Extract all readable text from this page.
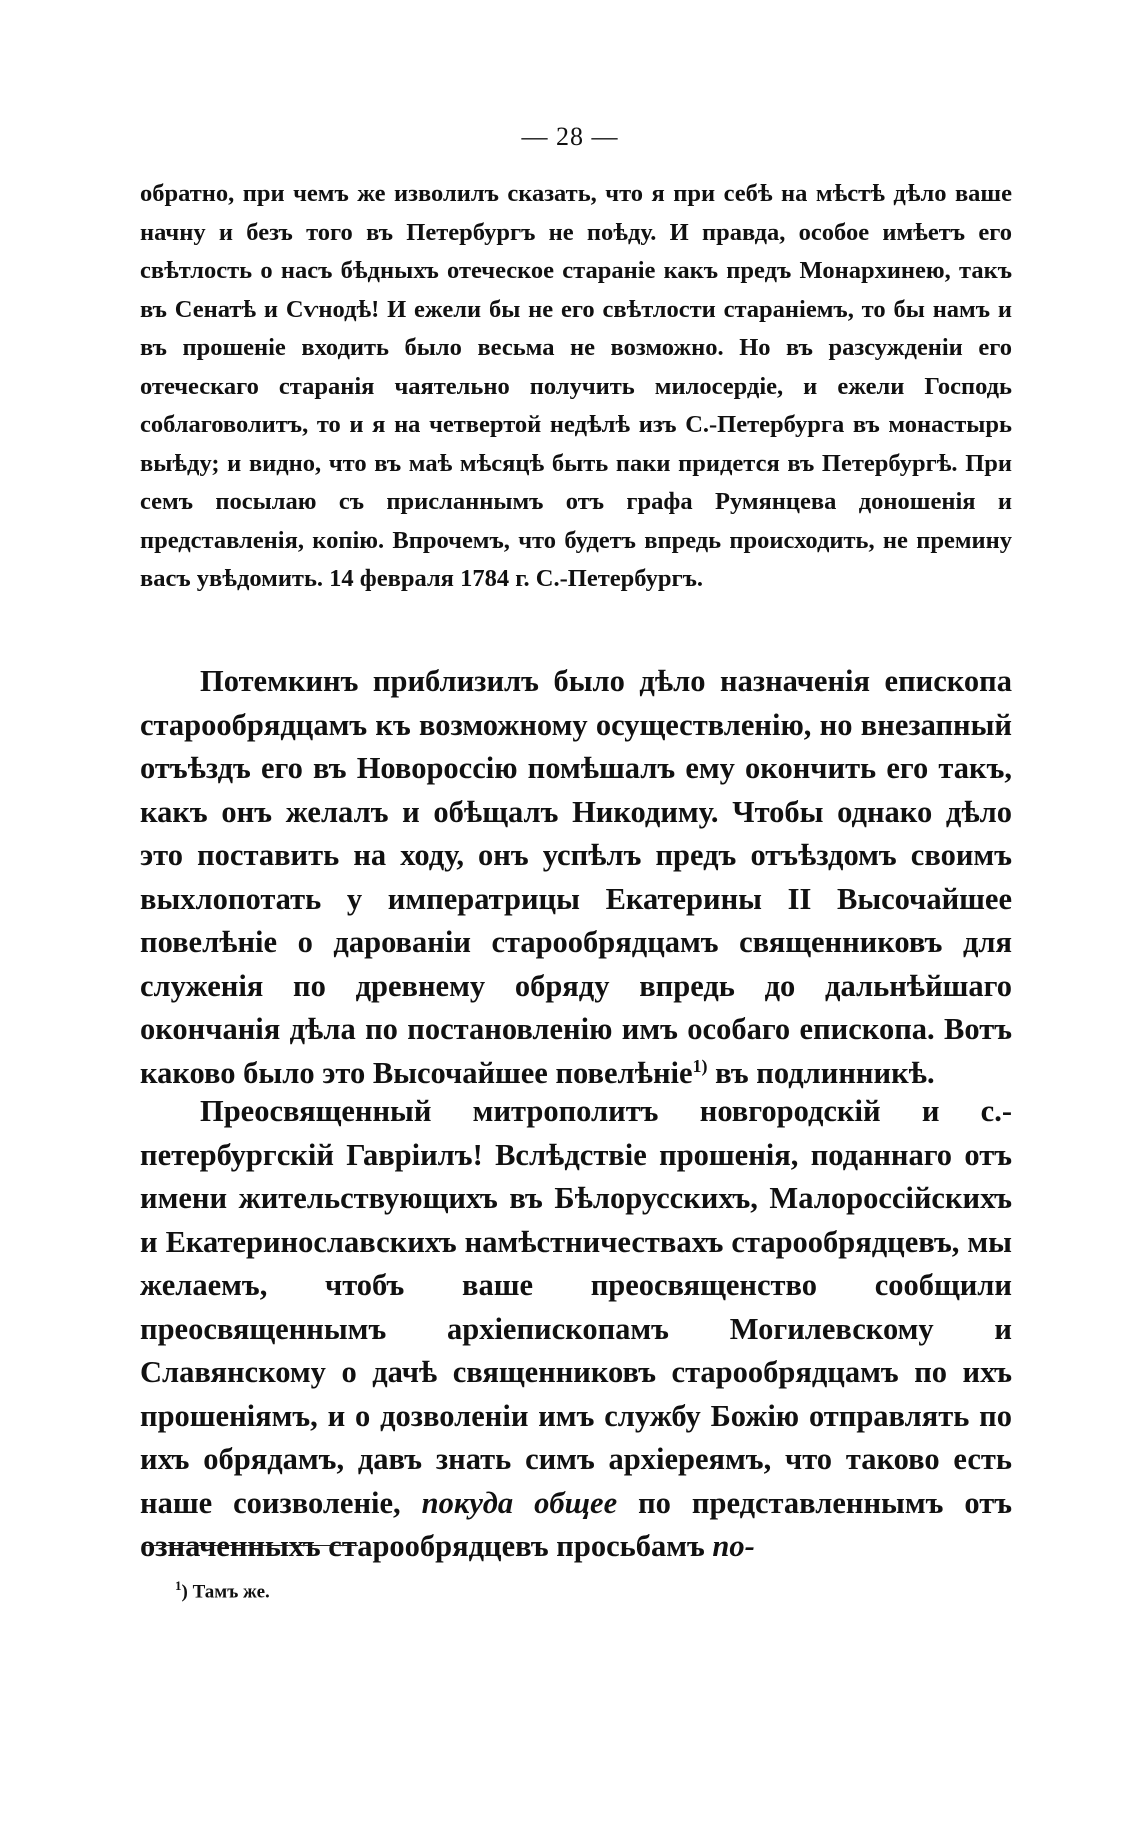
— 28 —

обратно, при чемъ же изволилъ сказать, что я при себѣ на мѣстѣ дѣло ваше начну и безъ того въ Петербургъ не поѣду. И правда, особое имѣетъ его свѣтлость о насъ бѣдныхъ отеческое стараніе какъ предъ Монархинею, такъ въ Сенатѣ и Сѵнодѣ! И ежели бы не его свѣтлости стараніемъ, то бы намъ и въ прошеніе входить было весьма не возможно. Но въ разсужденіи его отеческаго старанія чаятельно получить милосердіе, и ежели Господь соблаговолитъ, то и я на четвертой недѣлѣ изъ С.-Петербурга въ монастырь выѣду; и видно, что въ маѣ мѣсяцѣ быть паки придется въ Петербургѣ. При семъ посылаю съ присланнымъ отъ графа Румянцева доношенія и представленія, копію. Впрочемъ, что будетъ впредь происходить, не премину васъ увѣдомить. 14 февраля 1784 г. С.-Петербургъ.

Потемкинъ приблизилъ было дѣло назначенія епископа старообрядцамъ къ возможному осуществленію, но внезапный отъѣздъ его въ Новороссію помѣшалъ ему окончить его такъ, какъ онъ желалъ и обѣщалъ Никодиму. Чтобы однако дѣло это поставить на ходу, онъ успѣлъ предъ отъѣздомъ своимъ выхлопотать у императрицы Екатерины II Высочайшее повелѣніе о дарованіи старообрядцамъ священниковъ для служенія по древнему обряду впредь до дальнѣйшаго окончанія дѣла по постановленію имъ особаго епископа. Вотъ каково было это Высочайшее повелѣніе$^{1)}$ въ подлинникѣ.

Преосвященный митрополитъ новгородскій и с.-петербургскій Гавріилъ! Вслѣдствіе прошенія, поданнаго отъ имени жительствующихъ въ Бѣлорусскихъ, Малороссійскихъ и Екатеринославскихъ намѣстничествахъ старообрядцевъ, мы желаемъ, чтобъ ваше преосвященство сообщили преосвященнымъ архіепископамъ Могилевскому и Славянскому о дачѣ священниковъ старообрядцамъ по ихъ прошеніямъ, и о дозволеніи имъ службу Божію отправлять по ихъ обрядамъ, давъ знать симъ архіереямъ, что таково есть наше соизволеніе, покуда общее по представленнымъ отъ означенныхъ старообрядцевъ просьбамъ по-

$^1$) Тамъ же.
